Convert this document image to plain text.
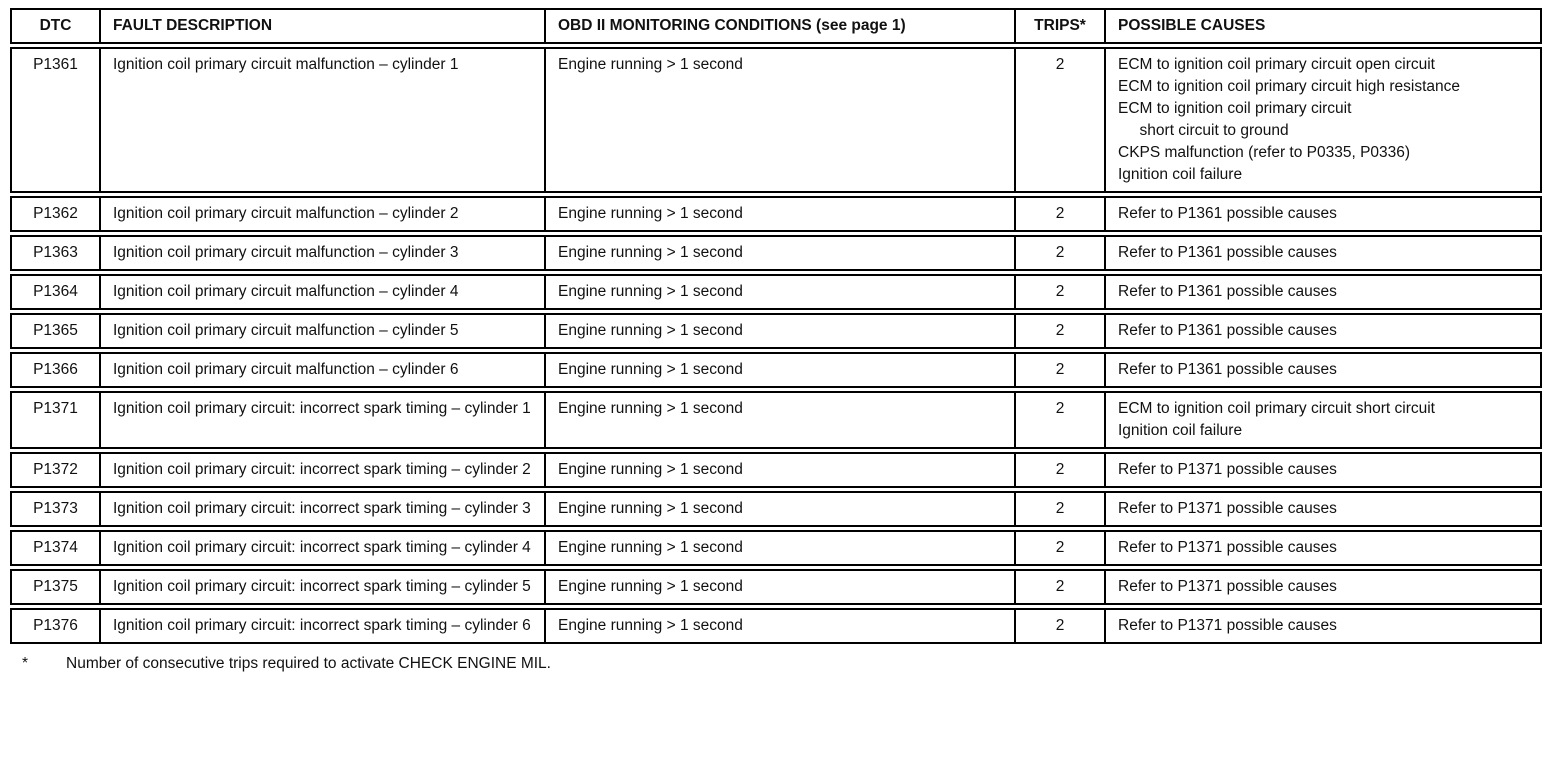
DTC	FAULT DESCRIPTION	OBD II MONITORING CONDITIONS (see page 1)	TRIPS*	POSSIBLE CAUSES
P1361	Ignition coil primary circuit malfunction – cylinder 1	Engine running > 1 second	2	ECM to ignition coil primary circuit open circuit
ECM to ignition coil primary circuit high resistance
ECM to ignition coil primary circuit
short circuit to ground
CKPS malfunction (refer to P0335, P0336)
Ignition coil failure
P1362	Ignition coil primary circuit malfunction – cylinder 2	Engine running > 1 second	2	Refer to P1361 possible causes
P1363	Ignition coil primary circuit malfunction – cylinder 3	Engine running > 1 second	2	Refer to P1361 possible causes
P1364	Ignition coil primary circuit malfunction – cylinder 4	Engine running > 1 second	2	Refer to P1361 possible causes
P1365	Ignition coil primary circuit malfunction – cylinder 5	Engine running > 1 second	2	Refer to P1361 possible causes
P1366	Ignition coil primary circuit malfunction – cylinder 6	Engine running > 1 second	2	Refer to P1361 possible causes
P1371	Ignition coil primary circuit: incorrect spark timing – cylinder 1	Engine running > 1 second	2	ECM to ignition coil primary circuit short circuit
Ignition coil failure
P1372	Ignition coil primary circuit: incorrect spark timing – cylinder 2	Engine running > 1 second	2	Refer to P1371 possible causes
P1373	Ignition coil primary circuit: incorrect spark timing – cylinder 3	Engine running > 1 second	2	Refer to P1371 possible causes
P1374	Ignition coil primary circuit: incorrect spark timing – cylinder 4	Engine running > 1 second	2	Refer to P1371 possible causes
P1375	Ignition coil primary circuit: incorrect spark timing – cylinder 5	Engine running > 1 second	2	Refer to P1371 possible causes
P1376	Ignition coil primary circuit: incorrect spark timing – cylinder 6	Engine running > 1 second	2	Refer to P1371 possible causes
*	Number of consecutive trips required to activate CHECK ENGINE MIL.
